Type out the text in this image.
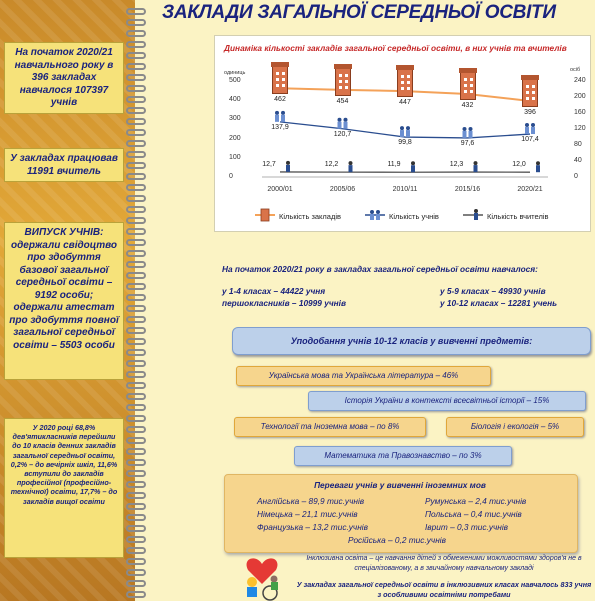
На початок 2020/21 навчального року в 396 закладах навчалося 107397 учнів
У закладах працював 11991 вчитель
ВИПУСК УЧНІВ: одержали свідоцтво про здобуття базової загальної середньої освіти – 9192 особи; одержали атестат про здобуття повної загальної середньої освіти – 5503 особи
У 2020 році 68,8% дев'ятикласників перейшли до 10 класів денних закладів загальної середньої освіти, 0,2% – до вечірніх шкіл, 11,6% вступили до закладів професійної (професійно-технічної) освіти, 17,7% – до закладів вищої освіти
ЗАКЛАДИ ЗАГАЛЬНОЇ СЕРЕДНЬОЇ ОСВІТИ
Динаміка кількості закладів загальної середньої освіти, в них учнів та вчителів
одиниць	осіб
0
100
200
300
400
500
0
40
80
120
160
200
240
2000/01	2005/06	2010/11	2015/16	2020/21
462	454	447	432
396
137,9
120,7
99,8	97,6
107,4
12,7	12,2	11,9	12,3	12,0
Кількість закладів	Кількість учнів	Кількість вчителів
На початок 2020/21 року в закладах загальної середньої освіти навчалося:
у 1-4 класах – 44422 учня
першокласників – 10999 учнів
у 5-9 класах – 49930 учнів
у 10-12 класах – 12281 учень
Уподобання учнів 10-12 класів у вивченні предметів:
Українська мова та Українська література – 46%
Історія України в контексті всесвітньої історії – 15%
Технології та Іноземна мова – по 8%	Біологія і екологія – 5%
Математика та Правознавство – по 3%
Переваги учнів у вивченні іноземних мов
Англійська – 89,9 тис.учнів
Німецька – 21,1 тис.учнів
Французька – 13,2 тис.учнів
Румунська – 2,4 тис.учнів
Польська – 0,4 тис.учнів
Іврит – 0,3 тис.учнів
Російська – 0,2 тис.учнів
Інклюзивна освіта – це навчання дітей з обмеженими можливостями здоров'я не в спеціалізованому, а в звичайному навчальному закладі
У закладах загальної середньої освіти в інклюзивних класах навчалось 833 учня з особливими освітніми потребами
